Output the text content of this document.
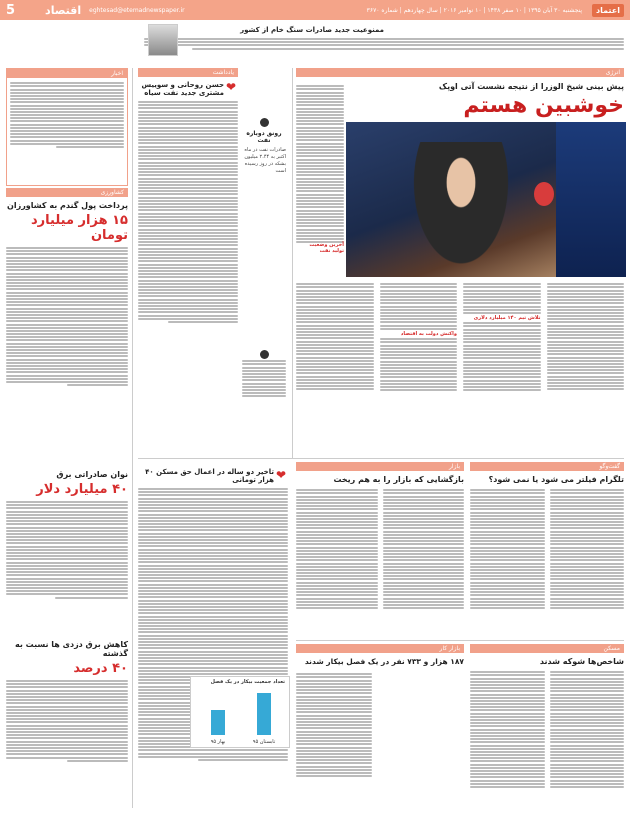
5	اقتصاد eghtesad@etemadnewspaper.ir	پنجشنبه ۳۰ آبان ۱۳۹۵ | ۱۰ صفر ۱۴۳۸ | ۱۰ نوامبر ۲۰۱۶ | سال چهاردهم | شماره ۳۶۷۰	اعتماد
ممنوعیت جدید صادرات سنگ خام از کشور
اخبار
کشاورزی
پرداخت پول گندم به کشاورزان
۱۵ هزار میلیارد تومان
نوان صادراتی برق
۴۰ میلیارد دلار
کاهش برق دزدی ها نسبت به گذشته
۴۰ درصد
یادداشت
❤
حسن روحانی و سوییس مشتری جدید نفت سیاه
رونق دوباره نفت
صادرات نفت در ماه اکتبر به ۲.۴۴ میلیون بشکه در روز رسیده است
❤
تاخیر دو ساله در اعمال حق مسکن ۴۰ هزار تومانی
انرژی
پیش بینی شیخ الوزرا از نتیجه نشست آتی اوپک
خوشبین هستم
تلاش تیم ۱۴۰ میلیارد دلاری
واکنش دولت به اقتصاد
آخرین وضعیت تولید نفت
بازار
بازگشایی که بازار را به هم ریخت
گفت‌وگو
تلگرام فیلتر می شود یا نمی شود؟
بازار کار
۱۸۷ هزار و ۷۳۳ نفر در یک فصل بیکار شدند
تعداد جمعیت بیکار در یک فصل
بهار ۹۵	تابستان ۹۵
مسکن
شاخص‌ها شوکه شدند
